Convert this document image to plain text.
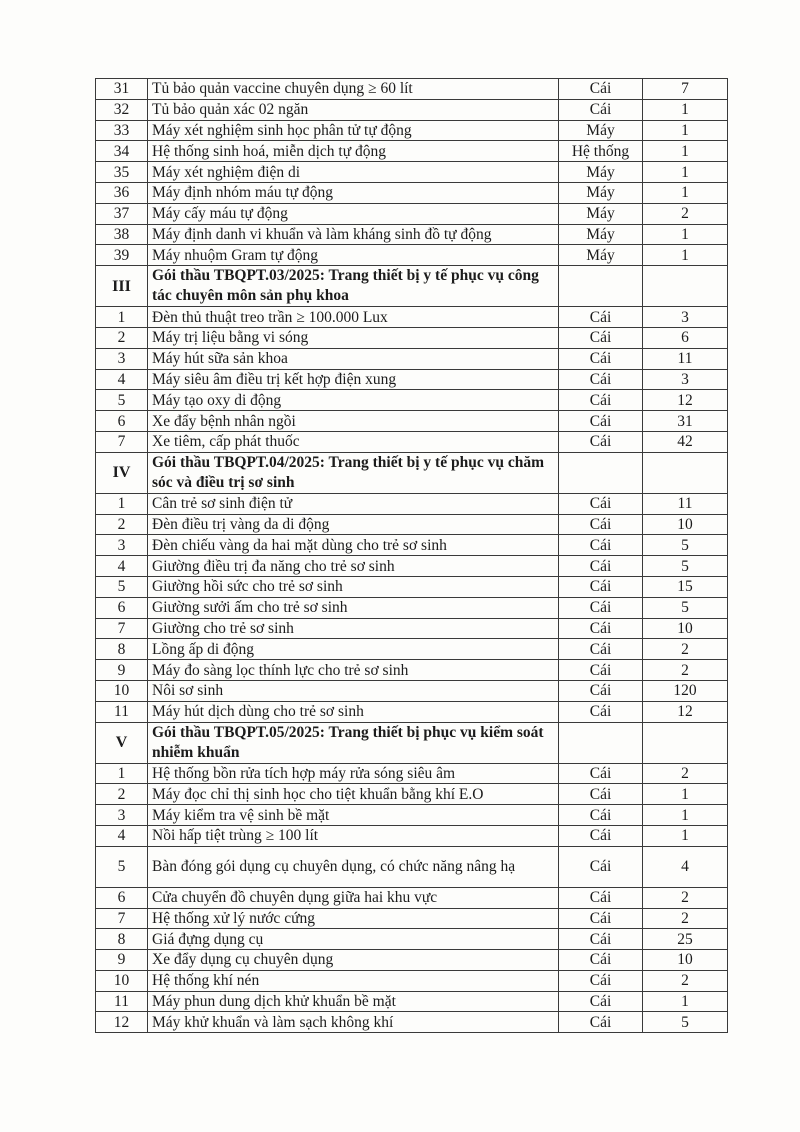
31	Tủ bảo quản vaccine chuyên dụng ≥ 60 lít	Cái	7
32	Tủ bảo quản xác 02 ngăn	Cái	1
33	Máy xét nghiệm sinh học phân tử tự động	Máy	1
34	Hệ thống sinh hoá, miễn dịch tự động	Hệ thống	1
35	Máy xét nghiệm điện di	Máy	1
36	Máy định nhóm máu tự động	Máy	1
37	Máy cấy máu tự động	Máy	2
38	Máy định danh vi khuẩn và làm kháng sinh đồ tự động	Máy	1
39	Máy nhuộm Gram tự động	Máy	1
III	Gói thầu TBQPT.03/2025: Trang thiết bị y tế phục vụ công tác chuyên môn sản phụ khoa		
1	Đèn thủ thuật treo trần ≥ 100.000 Lux	Cái	3
2	Máy trị liệu bằng vi sóng	Cái	6
3	Máy hút sữa sản khoa	Cái	11
4	Máy siêu âm điều trị kết hợp điện xung	Cái	3
5	Máy tạo oxy di động	Cái	12
6	Xe đẩy bệnh nhân ngồi	Cái	31
7	Xe tiêm, cấp phát thuốc	Cái	42
IV	Gói thầu TBQPT.04/2025: Trang thiết bị y tế phục vụ chăm sóc và điều trị sơ sinh		
1	Cân trẻ sơ sinh điện tử	Cái	11
2	Đèn điều trị vàng da di động	Cái	10
3	Đèn chiếu vàng da hai mặt dùng cho trẻ sơ sinh	Cái	5
4	Giường điều trị đa năng cho trẻ sơ sinh	Cái	5
5	Giường hồi sức cho trẻ sơ sinh	Cái	15
6	Giường sưởi ấm cho trẻ sơ sinh	Cái	5
7	Giường cho trẻ sơ sinh	Cái	10
8	Lồng ấp di động	Cái	2
9	Máy đo sàng lọc thính lực cho trẻ sơ sinh	Cái	2
10	Nôi sơ sinh	Cái	120
11	Máy hút dịch dùng cho trẻ sơ sinh	Cái	12
V	Gói thầu TBQPT.05/2025: Trang thiết bị phục vụ kiểm soát nhiễm khuẩn		
1	Hệ thống bồn rửa tích hợp máy rửa sóng siêu âm	Cái	2
2	Máy đọc chỉ thị sinh học cho tiệt khuẩn bằng khí E.O	Cái	1
3	Máy kiểm tra vệ sinh bề mặt	Cái	1
4	Nồi hấp tiệt trùng ≥ 100 lít	Cái	1
5	Bàn đóng gói dụng cụ chuyên dụng, có chức năng nâng hạ	Cái	4
6	Cửa chuyển đồ chuyên dụng giữa hai khu vực	Cái	2
7	Hệ thống xử lý nước cứng	Cái	2
8	Giá đựng dụng cụ	Cái	25
9	Xe đẩy dụng cụ chuyên dụng	Cái	10
10	Hệ thống khí nén	Cái	2
11	Máy phun dung dịch khử khuẩn bề mặt	Cái	1
12	Máy khử khuẩn và làm sạch không khí	Cái	5
